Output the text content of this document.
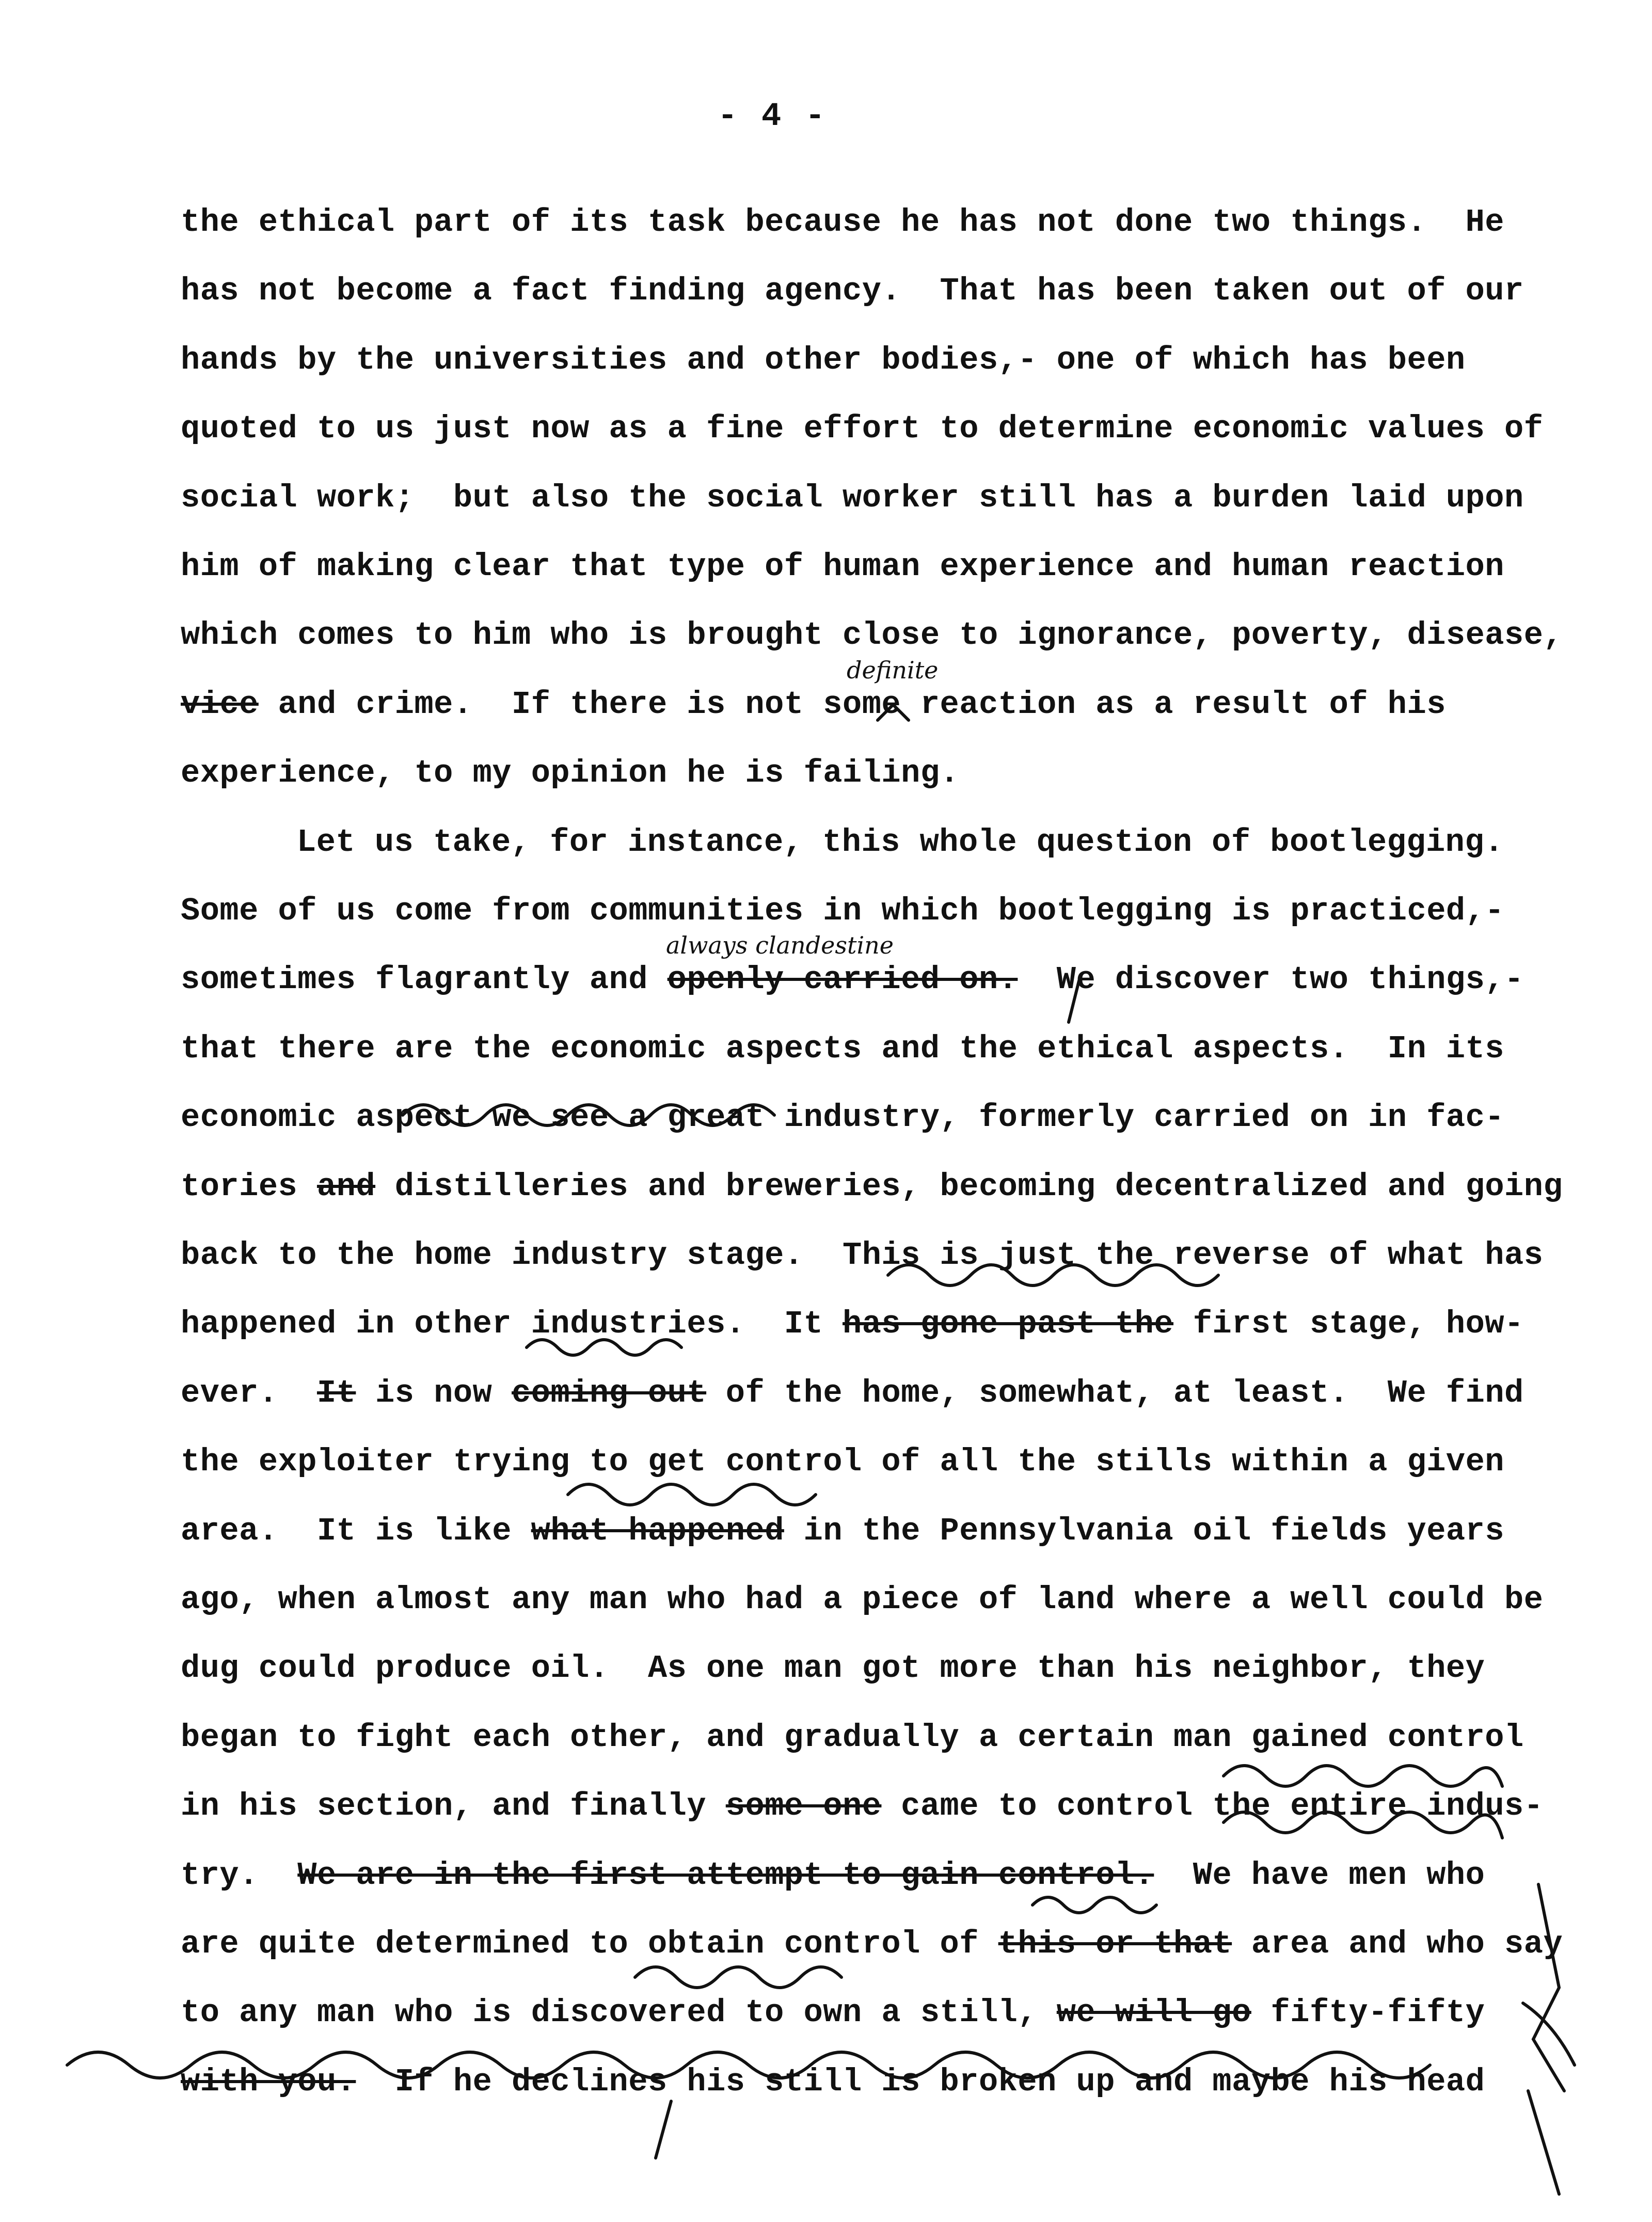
- 4 -
the ethical part of its task because he has not done two things.  He
has not become a fact finding agency.  That has been taken out of our
hands by the universities and other bodies,- one of which has been
quoted to us just now as a fine effort to determine economic values of
social work;  but also the social worker still has a burden laid upon
him of making clear that type of human experience and human reaction
which comes to him who is brought close to ignorance, poverty, disease,
vice and crime.  If there is not some reaction as a result of his
experience, to my opinion he is failing.
Let us take, for instance, this whole question of bootlegging.
Some of us come from communities in which bootlegging is practiced,-
sometimes flagrantly and openly carried on.  We discover two things,-
that there are the economic aspects and the ethical aspects.  In its
economic aspect we see a great industry, formerly carried on in fac-
tories and distilleries and breweries, becoming decentralized and going
back to the home industry stage.  This is just the reverse of what has
happened in other industries.  It has gone past the first stage, how-
ever.  It is now coming out of the home, somewhat, at least.  We find
the exploiter trying to get control of all the stills within a given
area.  It is like what happened in the Pennsylvania oil fields years
ago, when almost any man who had a piece of land where a well could be
dug could produce oil.  As one man got more than his neighbor, they
began to fight each other, and gradually a certain man gained control
in his section, and finally some one came to control the entire indus-
try.  We are in the first attempt to gain control.  We have men who
are quite determined to obtain control of this or that area and who say
to any man who is discovered to own a still, we will go fifty-fifty
with you.  If he declines his still is broken up and maybe his head
definite
always clandestine
